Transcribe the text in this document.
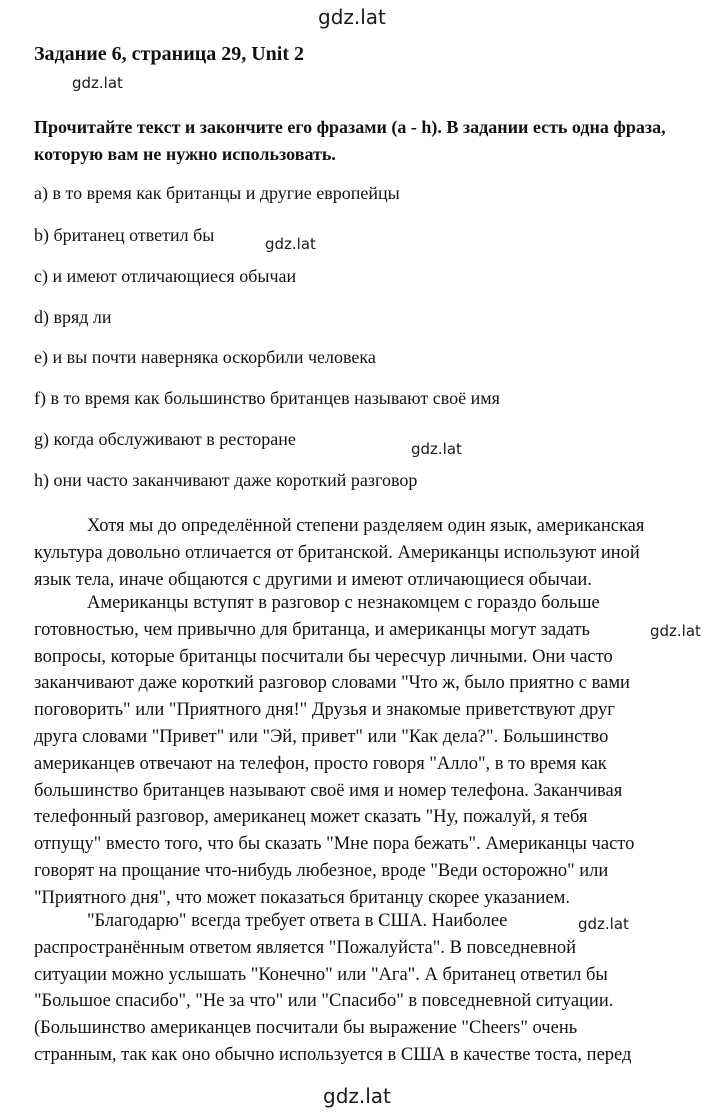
gdz.lat
gdz.lat
gdz.lat
gdz.lat
gdz.lat
gdz.lat
gdz.lat
Задание 6, страница 29, Unit 2

Прочитайте текст и закончите его фразами (a - h). В задании есть одна фраза, которую вам не нужно использовать.

a) в то время как британцы и другие европейцы

b) британец ответил бы

c) и имеют отличающиеся обычаи

d) вряд ли

e) и вы почти наверняка оскорбили человека

f) в то время как большинство британцев называют своё имя

g) когда обслуживают в ресторане

h) они часто заканчивают даже короткий разговор

Хотя мы до определённой степени разделяем один язык, американская
культура довольно отличается от британской. Американцы используют иной
язык тела, иначе общаются с другими и имеют отличающиеся обычаи.
Американцы вступят в разговор с незнакомцем с гораздо больше
готовностью, чем привычно для британца, и американцы могут задать
вопросы, которые британцы посчитали бы чересчур личными. Они часто
заканчивают даже короткий разговор словами "Что ж, было приятно с вами
поговорить" или "Приятного дня!" Друзья и знакомые приветствуют друг
друга словами "Привет" или "Эй, привет" или "Как дела?". Большинство
американцев отвечают на телефон, просто говоря "Алло", в то время как
большинство британцев называют своё имя и номер телефона. Заканчивая
телефонный разговор, американец может сказать "Ну, пожалуй, я тебя
отпущу" вместо того, что бы сказать "Мне пора бежать". Американцы часто
говорят на прощание что-нибудь любезное, вроде "Веди осторожно" или
"Приятного дня", что может показаться британцу скорее указанием.
"Благодарю" всегда требует ответа в США. Наиболее
распространённым ответом является "Пожалуйста". В повседневной
ситуации можно услышать "Конечно" или "Ага". А британец ответил бы
"Большое спасибо", "Не за что" или "Спасибо" в повседневной ситуации.
(Большинство американцев посчитали бы выражение "Cheers" очень
странным, так как оно обычно используется в США в качестве тоста, перед
